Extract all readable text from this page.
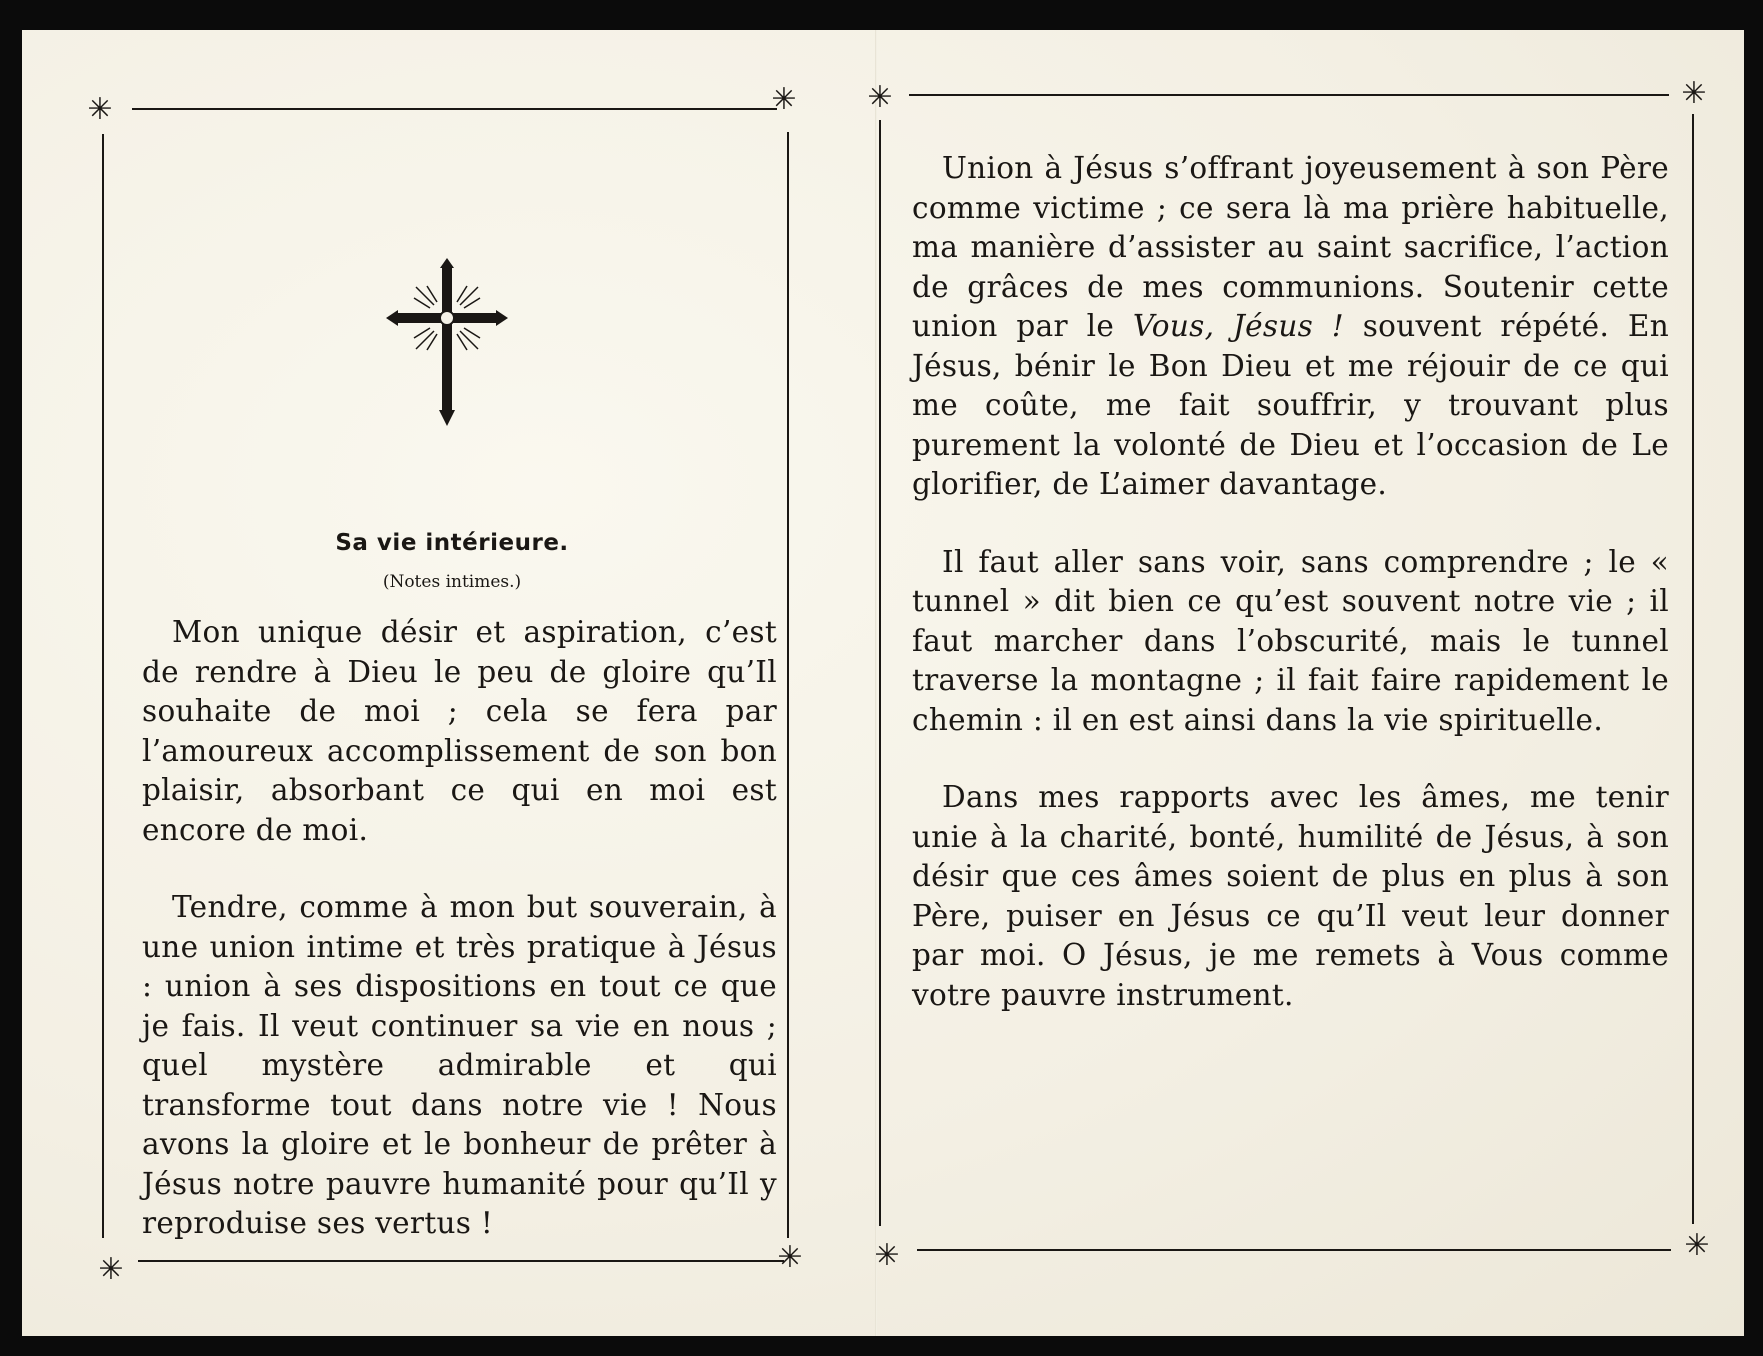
✳	✳
✳	✳
Sa vie intérieure.
(Notes intimes.)

Mon unique désir et aspiration, c’est de rendre à Dieu le peu de gloire qu’Il souhaite de moi ; cela se fera par l’amoureux accomplissement de son bon plaisir, absorbant ce qui en moi est encore de moi.

Tendre, comme à mon but souverain, à une union intime et très pratique à Jésus : union à ses dispositions en tout ce que je fais. Il veut continuer sa vie en nous ; quel mystère admirable et qui transforme tout dans notre vie ! Nous avons la gloire et le bonheur de prêter à Jésus notre pauvre humanité pour qu’Il y reproduise ses vertus !

✳	✳
✳	✳

Union à Jésus s’offrant joyeusement à son Père comme victime ; ce sera là ma prière habituelle, ma manière d’assister au saint sacrifice, l’action de grâces de mes communions. Soutenir cette union par le Vous, Jésus ! souvent répété. En Jésus, bénir le Bon Dieu et me réjouir de ce qui me coûte, me fait souffrir, y trouvant plus purement la volonté de Dieu et l’occasion de Le glorifier, de L’aimer davantage.

Il faut aller sans voir, sans comprendre ; le « tunnel » dit bien ce qu’est souvent notre vie ; il faut marcher dans l’obscurité, mais le tunnel traverse la montagne ; il fait faire rapidement le chemin : il en est ainsi dans la vie spirituelle.

Dans mes rapports avec les âmes, me tenir unie à la charité, bonté, humilité de Jésus, à son désir que ces âmes soient de plus en plus à son Père, puiser en Jésus ce qu’Il veut leur donner par moi. O Jésus, je me remets à Vous comme votre pauvre instrument.
